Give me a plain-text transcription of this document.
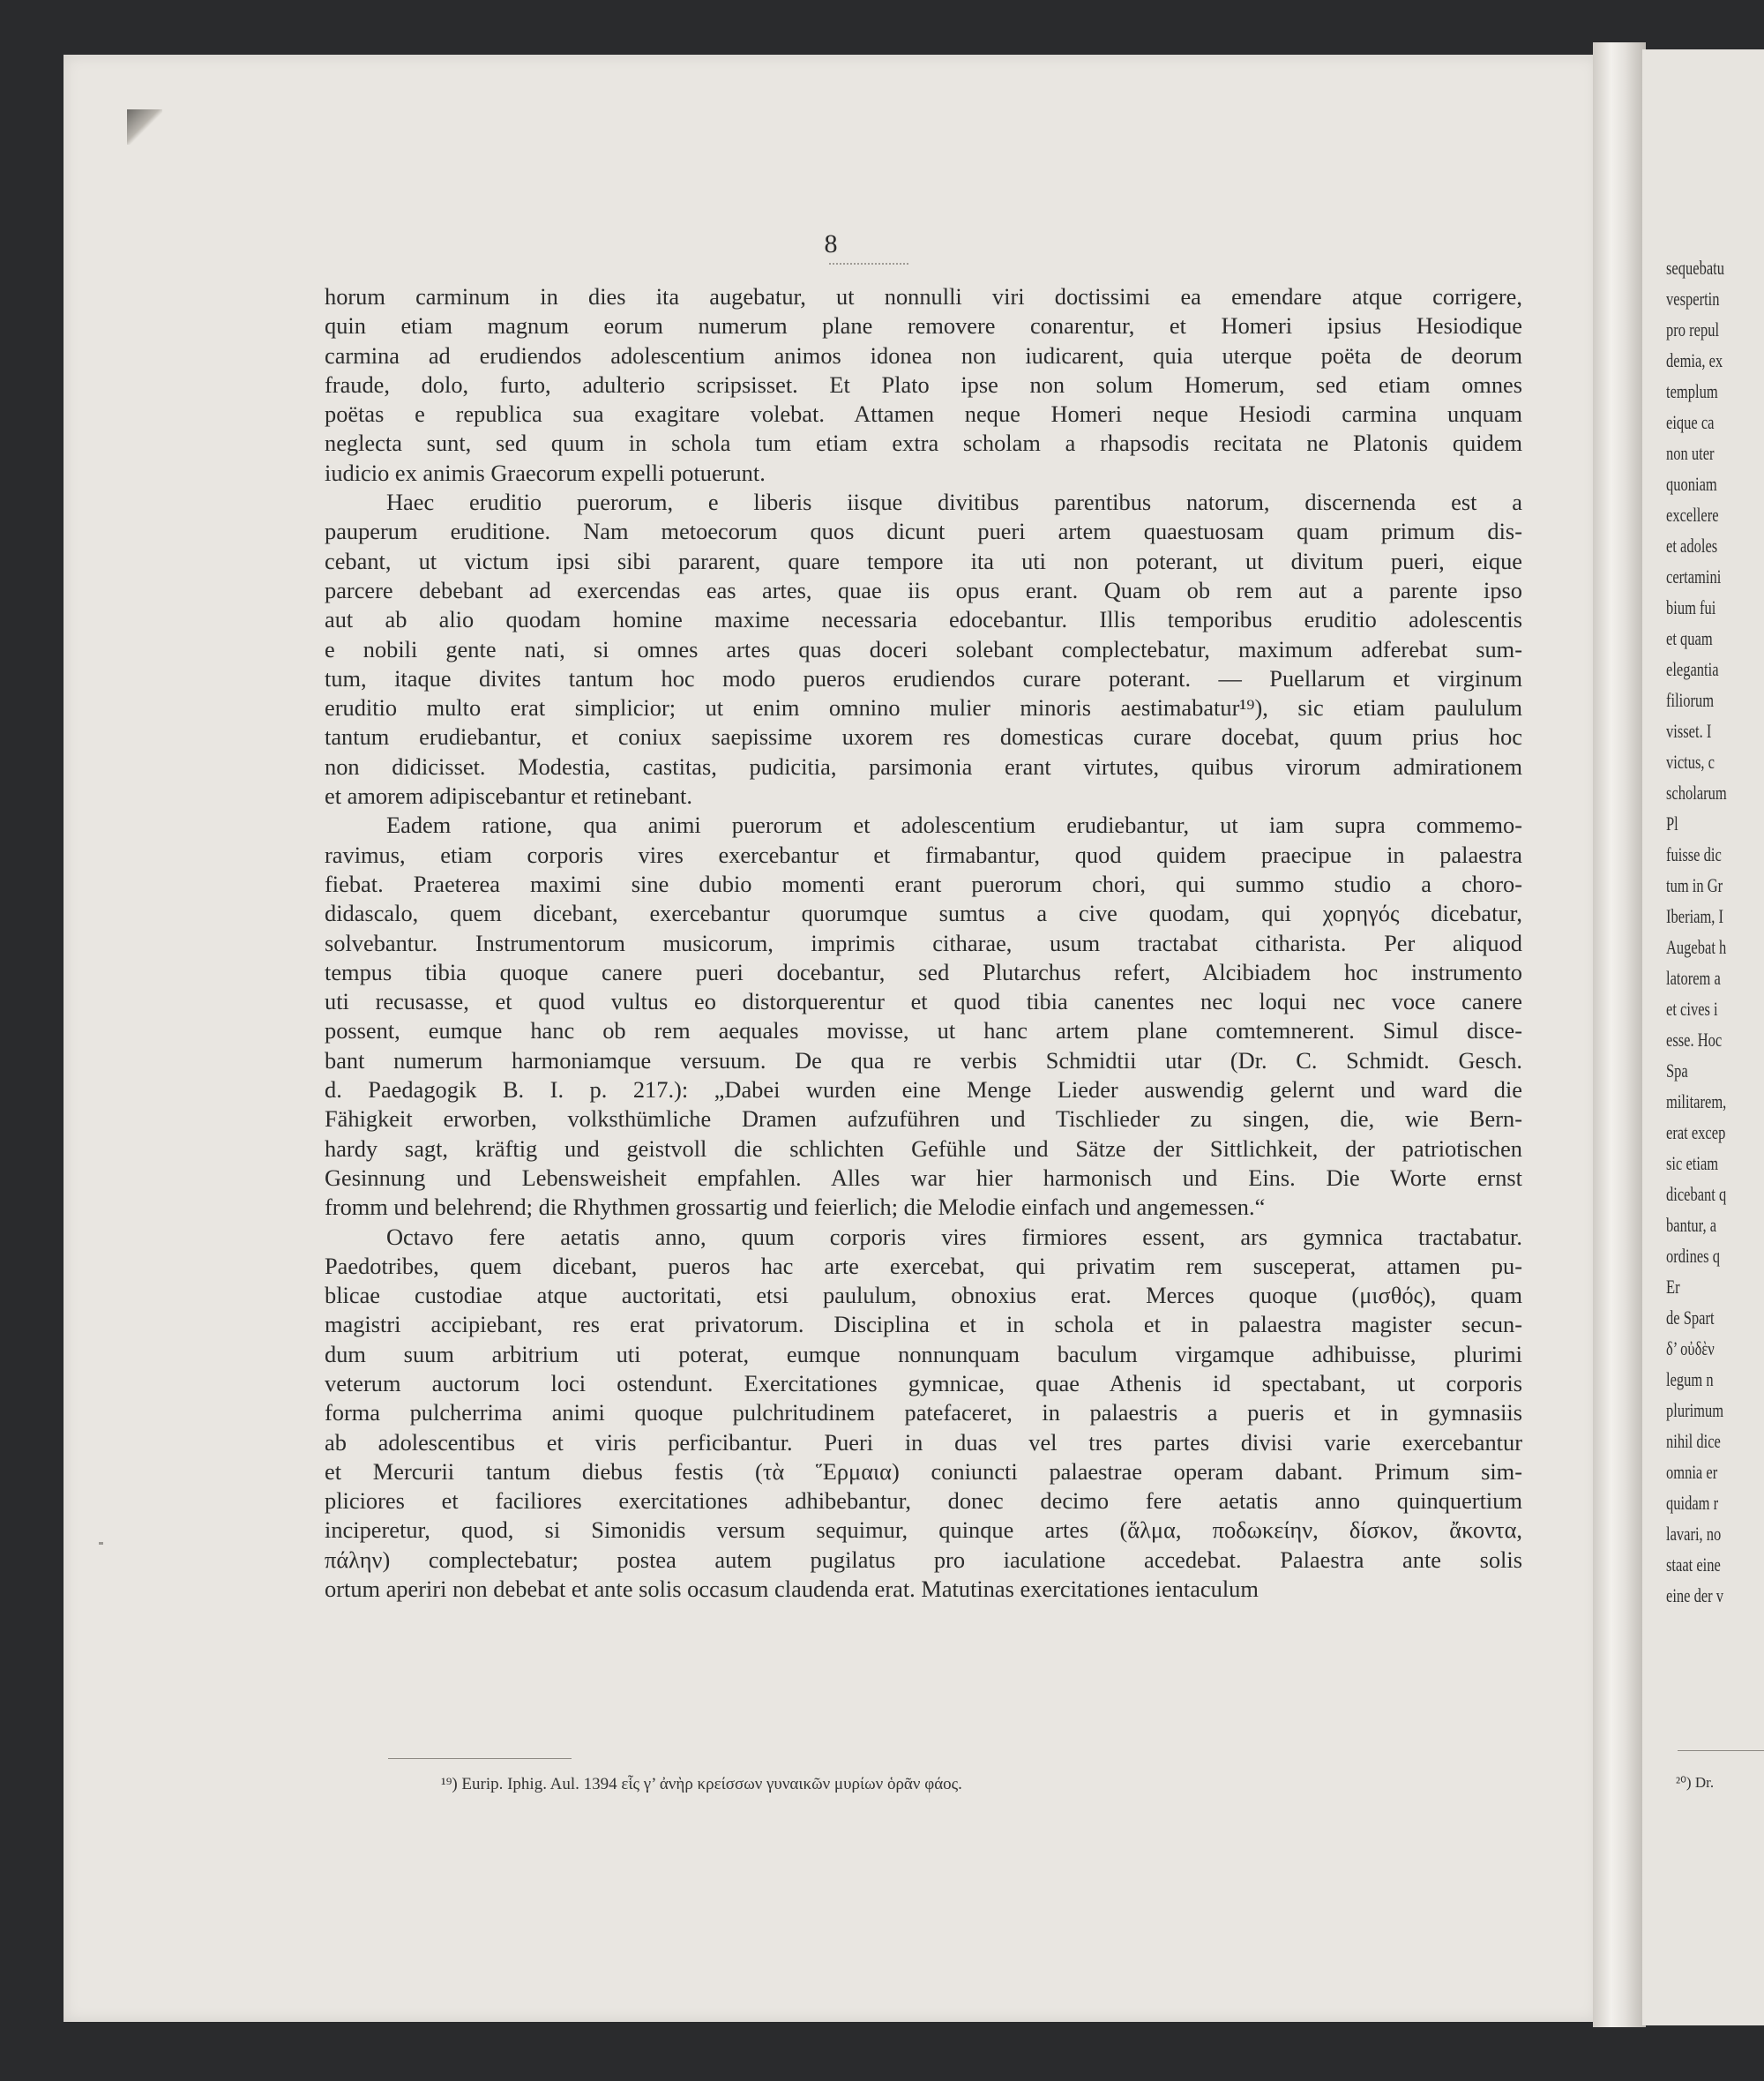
8
horum carminum in dies ita augebatur, ut nonnulli viri doctissimi ea emendare atque corrigere,
quin etiam magnum eorum numerum plane removere conarentur, et Homeri ipsius Hesiodique
carmina ad erudiendos adolescentium animos idonea non iudicarent, quia uterque poëta de deorum
fraude, dolo, furto, adulterio scripsisset. Et Plato ipse non solum Homerum, sed etiam omnes
poëtas e republica sua exagitare volebat. Attamen neque Homeri neque Hesiodi carmina unquam
neglecta sunt, sed quum in schola tum etiam extra scholam a rhapsodis recitata ne Platonis quidem
iudicio ex animis Graecorum expelli potuerunt.
Haec eruditio puerorum, e liberis iisque divitibus parentibus natorum, discernenda est a
pauperum eruditione. Nam metoecorum quos dicunt pueri artem quaestuosam quam primum dis-
cebant, ut victum ipsi sibi pararent, quare tempore ita uti non poterant, ut divitum pueri, eique
parcere debebant ad exercendas eas artes, quae iis opus erant. Quam ob rem aut a parente ipso
aut ab alio quodam homine maxime necessaria edocebantur. Illis temporibus eruditio adolescentis
e nobili gente nati, si omnes artes quas doceri solebant complectebatur, maximum adferebat sum-
tum, itaque divites tantum hoc modo pueros erudiendos curare poterant. — Puellarum et virginum
eruditio multo erat simplicior; ut enim omnino mulier minoris aestimabatur¹⁹), sic etiam paululum
tantum erudiebantur, et coniux saepissime uxorem res domesticas curare docebat, quum prius hoc
non didicisset. Modestia, castitas, pudicitia, parsimonia erant virtutes, quibus virorum admirationem
et amorem adipiscebantur et retinebant.
Eadem ratione, qua animi puerorum et adolescentium erudiebantur, ut iam supra commemo-
ravimus, etiam corporis vires exercebantur et firmabantur, quod quidem praecipue in palaestra
fiebat. Praeterea maximi sine dubio momenti erant puerorum chori, qui summo studio a choro-
didascalo, quem dicebant, exercebantur quorumque sumtus a cive quodam, qui χορηγός dicebatur,
solvebantur. Instrumentorum musicorum, imprimis citharae, usum tractabat citharista. Per aliquod
tempus tibia quoque canere pueri docebantur, sed Plutarchus refert, Alcibiadem hoc instrumento
uti recusasse, et quod vultus eo distorquerentur et quod tibia canentes nec loqui nec voce canere
possent, eumque hanc ob rem aequales movisse, ut hanc artem plane comtemnerent. Simul disce-
bant numerum harmoniamque versuum. De qua re verbis Schmidtii utar (Dr. C. Schmidt. Gesch.
d. Paedagogik B. I. p. 217.): „Dabei wurden eine Menge Lieder auswendig gelernt und ward die
Fähigkeit erworben, volksthümliche Dramen aufzuführen und Tischlieder zu singen, die, wie Bern-
hardy sagt, kräftig und geistvoll die schlichten Gefühle und Sätze der Sittlichkeit, der patriotischen
Gesinnung und Lebensweisheit empfahlen. Alles war hier harmonisch und Eins. Die Worte ernst
fromm und belehrend; die Rhythmen grossartig und feierlich; die Melodie einfach und angemessen.“
Octavo fere aetatis anno, quum corporis vires firmiores essent, ars gymnica tractabatur.
Paedotribes, quem dicebant, pueros hac arte exercebat, qui privatim rem susceperat, attamen pu-
blicae custodiae atque auctoritati, etsi paululum, obnoxius erat. Merces quoque (μισθός), quam
magistri accipiebant, res erat privatorum. Disciplina et in schola et in palaestra magister secun-
dum suum arbitrium uti poterat, eumque nonnunquam baculum virgamque adhibuisse, plurimi
veterum auctorum loci ostendunt. Exercitationes gymnicae, quae Athenis id spectabant, ut corporis
forma pulcherrima animi quoque pulchritudinem patefaceret, in palaestris a pueris et in gymnasiis
ab adolescentibus et viris perficibantur. Pueri in duas vel tres partes divisi varie exercebantur
et Mercurii tantum diebus festis (τὰ Ἕρμαια) coniuncti palaestrae operam dabant. Primum sim-
pliciores et faciliores exercitationes adhibebantur, donec decimo fere aetatis anno quinquertium
inciperetur, quod, si Simonidis versum sequimur, quinque artes (ἅλμα, ποδωκείην, δίσκον, ἄκοντα,
πάλην) complectebatur; postea autem pugilatus pro iaculatione accedebat. Palaestra ante solis
ortum aperiri non debebat et ante solis occasum claudenda erat. Matutinas exercitationes ientaculum
¹⁹) Eurip. Iphig. Aul. 1394 εἷς γ’ ἀνὴρ κρείσσων γυναικῶν μυρίων ὁρᾶν φάος.
sequebatu
vespertin
pro repul
demia, ex
templum
eique ca
non uter
quoniam
excellere
et adoles
certamini
bium fui
et quam
elegantia
filiorum
visset. I
victus, c
scholarum
Pl
fuisse dic
tum in Gr
Iberiam, I
Augebat h
latorem a
et cives i
esse. Hoc
Spa
militarem,
erat excep
sic etiam
dicebant q
bantur, a
ordines q
Er
de Spart
δ’ οὐδὲν
legum n
plurimum
nihil dice
omnia er
quidam r
lavari, no
staat eine
eine der v
²⁰) Dr.
